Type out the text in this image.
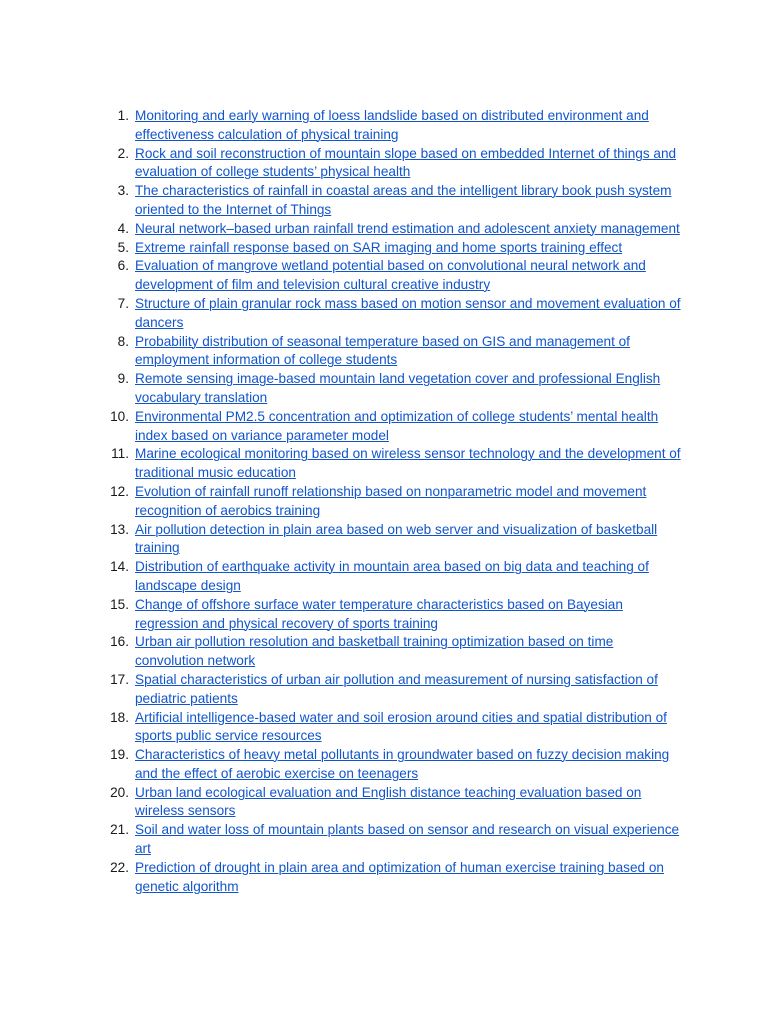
1. Monitoring and early warning of loess landslide based on distributed environment and effectiveness calculation of physical training
2. Rock and soil reconstruction of mountain slope based on embedded Internet of things and evaluation of college students’ physical health
3. The characteristics of rainfall in coastal areas and the intelligent library book push system oriented to the Internet of Things
4. Neural network–based urban rainfall trend estimation and adolescent anxiety management
5. Extreme rainfall response based on SAR imaging and home sports training effect
6. Evaluation of mangrove wetland potential based on convolutional neural network and development of film and television cultural creative industry
7. Structure of plain granular rock mass based on motion sensor and movement evaluation of dancers
8. Probability distribution of seasonal temperature based on GIS and management of employment information of college students
9. Remote sensing image-based mountain land vegetation cover and professional English vocabulary translation
10. Environmental PM2.5 concentration and optimization of college students’ mental health index based on variance parameter model
11. Marine ecological monitoring based on wireless sensor technology and the development of traditional music education
12. Evolution of rainfall runoff relationship based on nonparametric model and movement recognition of aerobics training
13. Air pollution detection in plain area based on web server and visualization of basketball training
14. Distribution of earthquake activity in mountain area based on big data and teaching of landscape design
15. Change of offshore surface water temperature characteristics based on Bayesian regression and physical recovery of sports training
16. Urban air pollution resolution and basketball training optimization based on time convolution network
17. Spatial characteristics of urban air pollution and measurement of nursing satisfaction of pediatric patients
18. Artificial intelligence-based water and soil erosion around cities and spatial distribution of sports public service resources
19. Characteristics of heavy metal pollutants in groundwater based on fuzzy decision making and the effect of aerobic exercise on teenagers
20. Urban land ecological evaluation and English distance teaching evaluation based on wireless sensors
21. Soil and water loss of mountain plants based on sensor and research on visual experience art
22. Prediction of drought in plain area and optimization of human exercise training based on genetic algorithm
